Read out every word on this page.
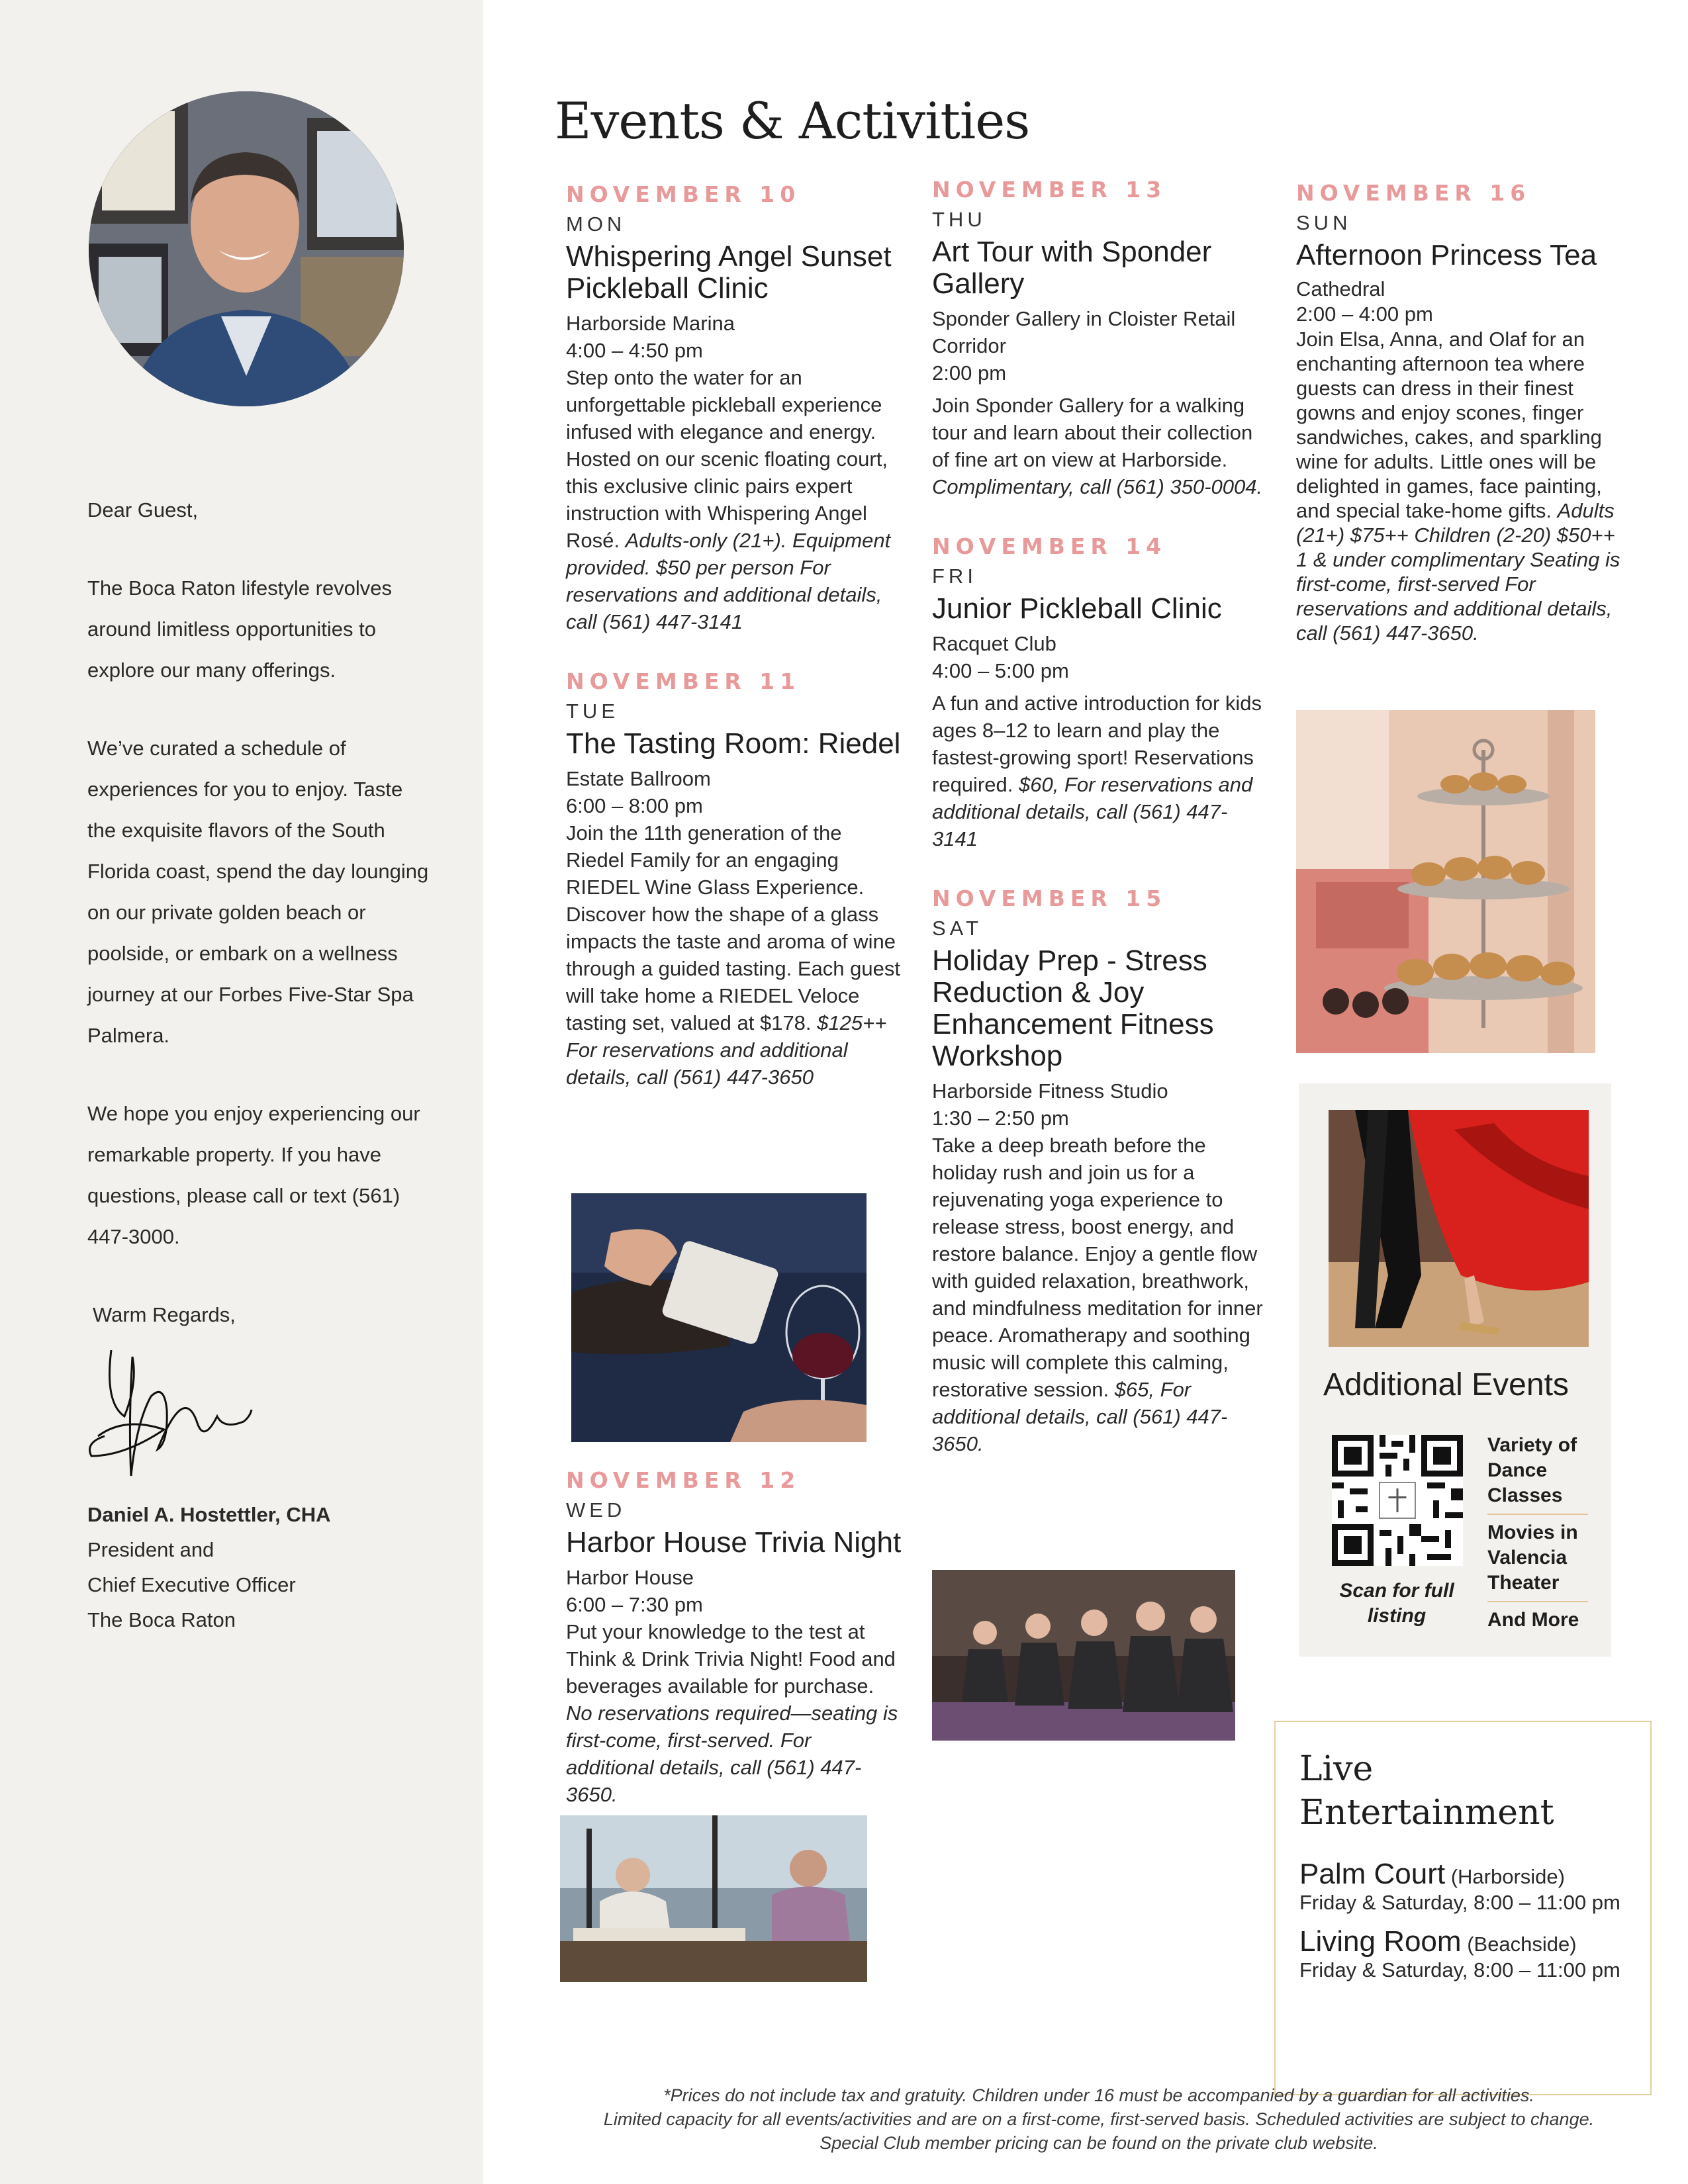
Dear Guest,

The Boca Raton lifestyle revolves around limitless opportunities to explore our many offerings.

We’ve curated a schedule of experiences for you to enjoy. Taste the exquisite flavors of the South Florida coast, spend the day lounging on our private golden beach or poolside, or embark on a wellness journey at our Forbes Five-Star Spa Palmera.

We hope you enjoy experiencing our remarkable property. If you have questions, please call or text (561) 447-3000.

Warm Regards,

Daniel A. Hostettler, CHA
President and
Chief Executive Officer
The Boca Raton
Events & Activities
NOVEMBER 10
MON
Whispering Angel Sunset Pickleball Clinic
Harborside Marina
4:00 – 4:50 pm
Step onto the water for an unforgettable pickleball experience infused with elegance and energy. Hosted on our scenic floating court, this exclusive clinic pairs expert instruction with Whispering Angel Rosé. Adults-only (21+). Equipment provided. $50 per person For reservations and additional details, call (561) 447-3141
NOVEMBER 11
TUE
The Tasting Room: Riedel
Estate Ballroom
6:00 – 8:00 pm
Join the 11th generation of the Riedel Family for an engaging RIEDEL Wine Glass Experience. Discover how the shape of a glass impacts the taste and aroma of wine through a guided tasting. Each guest will take home a RIEDEL Veloce tasting set, valued at $178. $125++ For reservations and additional details, call (561) 447-3650
NOVEMBER 12
WED
Harbor House Trivia Night
Harbor House
6:00 – 7:30 pm
Put your knowledge to the test at Think & Drink Trivia Night! Food and beverages available for purchase. No reservations required—seating is first-come, first-served. For additional details, call (561) 447-3650.
NOVEMBER 13
THU
Art Tour with Sponder Gallery
Sponder Gallery in Cloister Retail Corridor
2:00 pm
Join Sponder Gallery for a walking tour and learn about their collection of fine art on view at Harborside. Complimentary, call (561) 350-0004.
NOVEMBER 14
FRI
Junior Pickleball Clinic
Racquet Club
4:00 – 5:00 pm
A fun and active introduction for kids ages 8–12 to learn and play the fastest-growing sport! Reservations required. $60, For reservations and additional details, call (561) 447-3141
NOVEMBER 15
SAT
Holiday Prep - Stress Reduction & Joy Enhancement Fitness Workshop
Harborside Fitness Studio
1:30 – 2:50 pm
Take a deep breath before the holiday rush and join us for a rejuvenating yoga experience to release stress, boost energy, and restore balance. Enjoy a gentle flow with guided relaxation, breathwork, and mindfulness meditation for inner peace. Aromatherapy and soothing music will complete this calming, restorative session. $65, For additional details, call (561) 447-3650.
NOVEMBER 16
SUN
Afternoon Princess Tea
Cathedral
2:00 – 4:00 pm
Join Elsa, Anna, and Olaf for an enchanting afternoon tea where guests can dress in their finest gowns and enjoy scones, finger sandwiches, cakes, and sparkling wine for adults. Little ones will be delighted in games, face painting, and special take-home gifts. Adults (21+) $75++ Children (2-20) $50++ 1 & under complimentary Seating is first-come, first-served For reservations and additional details, call (561) 447-3650.
Additional Events
Scan for full listing
Variety of Dance Classes
Movies in Valencia Theater
And More
Live
Entertainment
Palm Court (Harborside)
Friday & Saturday, 8:00 – 11:00 pm
Living Room (Beachside)
Friday & Saturday, 8:00 – 11:00 pm
*Prices do not include tax and gratuity. Children under 16 must be accompanied by a guardian for all activities.
Limited capacity for all events/activities and are on a first-come, first-served basis. Scheduled activities are subject to change.
Special Club member pricing can be found on the private club website.
